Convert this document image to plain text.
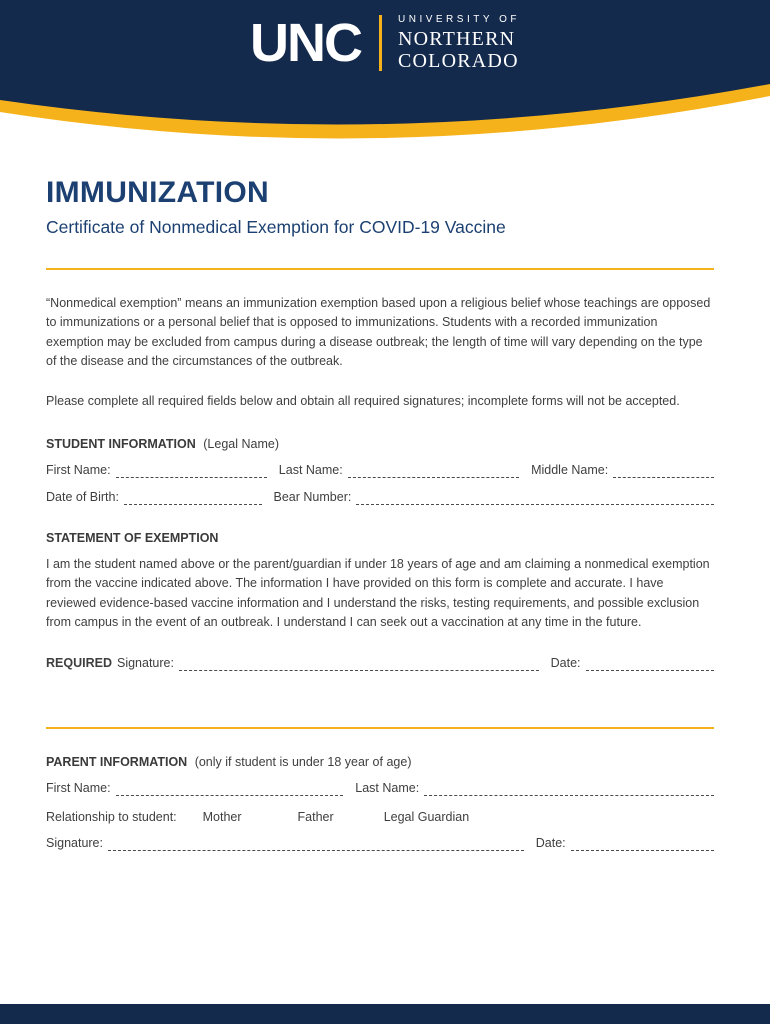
UNC	UNIVERSITY OF
NORTHERN
COLORADO
IMMUNIZATION
Certificate of Nonmedical Exemption for COVID-19 Vaccine

“Nonmedical exemption” means an immunization exemption based upon a religious belief whose teachings are opposed to immunizations or a personal belief that is opposed to immunizations. Students with a recorded immunization exemption may be excluded from campus during a disease outbreak; the length of time will vary depending on the type of the disease and the circumstances of the outbreak.

Please complete all required fields below and obtain all required signatures; incomplete forms will not be accepted.

STUDENT INFORMATION (Legal Name)
First Name:	Last Name:	Middle Name:
Date of Birth:	Bear Number:
STATEMENT OF EXEMPTION

I am the student named above or the parent/guardian if under 18 years of age and am claiming a nonmedical exemption from the vaccine indicated above. The information I have provided on this form is complete and accurate. I have reviewed evidence-based vaccine information and I understand the risks, testing requirements, and possible exclusion from campus in the event of an outbreak. I understand I can seek out a vaccination at any time in the future.

REQUIRED Signature:	Date:
PARENT INFORMATION (only if student is under 18 year of age)
First Name:	Last Name:
Relationship to student: Mother	Father	Legal Guardian
Signature:	Date:
